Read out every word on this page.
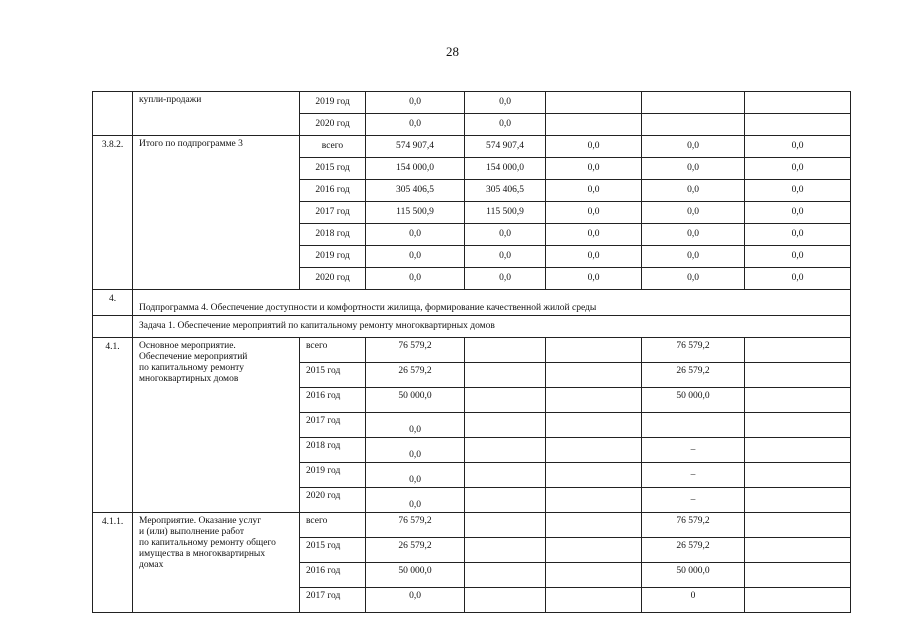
28
	купли-продажи	2019 год	0,0	0,0			
		2020 год	0,0	0,0			
3.8.2.	Итого по подпрограмме 3	всего	574 907,4	574 907,4	0,0	0,0	0,0
		2015 год	154 000,0	154 000,0	0,0	0,0	0,0
		2016 год	305 406,5	305 406,5	0,0	0,0	0,0
		2017 год	115 500,9	115 500,9	0,0	0,0	0,0
		2018 год	0,0	0,0	0,0	0,0	0,0
		2019 год	0,0	0,0	0,0	0,0	0,0
		2020 год	0,0	0,0	0,0	0,0	0,0
4.	Подпрограмма 4. Обеспечение доступности и комфортности жилища, формирование качественной жилой среды						
	Задача 1. Обеспечение мероприятий по капитальному ремонту многоквартирных домов						
4.1.	Основное мероприятие.
Обеспечение мероприятий
по капитальному ремонту
многоквартирных домов	всего	76 579,2			76 579,2	
		2015 год	26 579,2			26 579,2	
		2016 год	50 000,0			50 000,0	
		2017 год	0,0				
		2018 год	0,0			–	
		2019 год	0,0			–	
		2020 год	0,0			–	
4.1.1.	Мероприятие. Оказание услуг
и (или) выполнение работ
по капитальному ремонту общего
имущества в многоквартирных
домах	всего	76 579,2			76 579,2	
		2015 год	26 579,2			26 579,2	
		2016 год	50 000,0			50 000,0	
		2017 год	0,0			0	
